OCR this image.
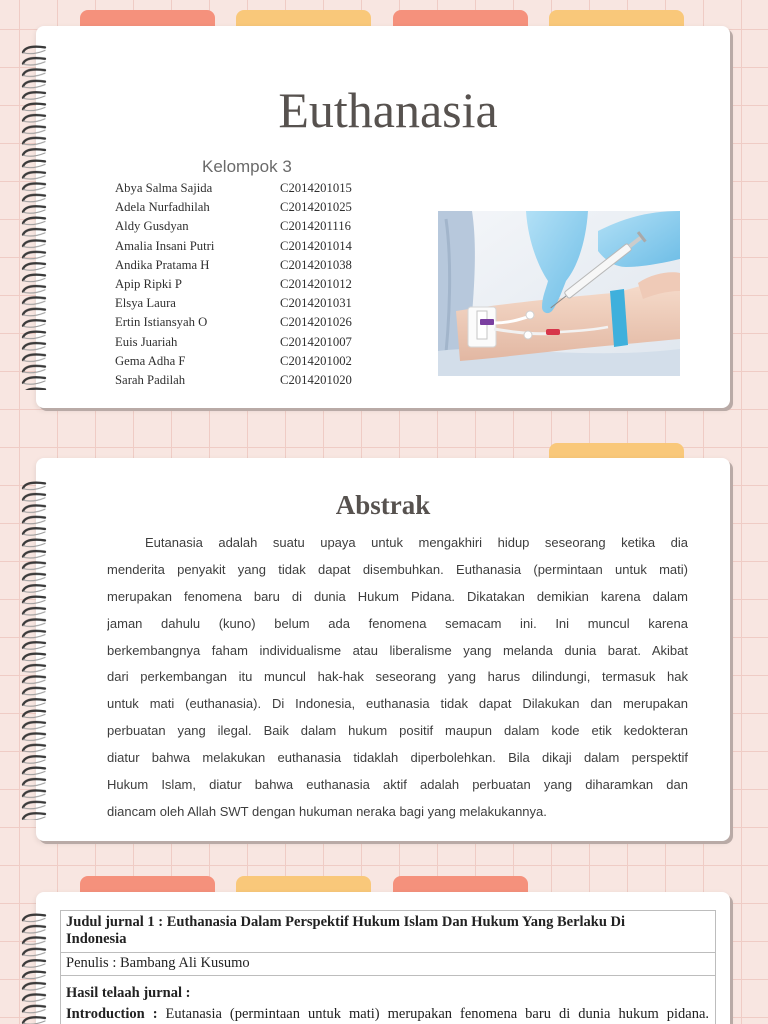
Euthanasia
Kelompok 3
Abya Salma Sajida	C2014201015
Adela Nurfadhilah	C2014201025
Aldy Gusdyan	C2014201116
Amalia Insani Putri	C2014201014
Andika Pratama H	C2014201038
Apip Ripki P	C2014201012
Elsya Laura	C2014201031
Ertin Istiansyah O	C2014201026
Euis Juariah	C2014201007
Gema Adha F	C2014201002
Sarah Padilah	C2014201020
Abstrak
Eutanasia adalah suatu upaya untuk mengakhiri hidup seseorang ketika dia
menderita penyakit yang tidak dapat disembuhkan. Euthanasia (permintaan untuk mati)
merupakan fenomena baru di dunia Hukum Pidana. Dikatakan demikian karena dalam
jaman dahulu (kuno) belum ada fenomena semacam ini. Ini muncul karena
berkembangnya faham individualisme atau liberalisme yang melanda dunia barat. Akibat
dari perkembangan itu muncul hak-hak seseorang yang harus dilindungi, termasuk hak
untuk mati (euthanasia). Di Indonesia, euthanasia tidak dapat Dilakukan dan merupakan
perbuatan yang ilegal. Baik dalam hukum positif maupun dalam kode etik kedokteran
diatur bahwa melakukan euthanasia tidaklah diperbolehkan. Bila dikaji dalam perspektif
Hukum Islam, diatur bahwa euthanasia aktif adalah perbuatan yang diharamkan dan
diancam oleh Allah SWT dengan hukuman neraka bagi yang melakukannya.
Judul jurnal 1 : Euthanasia Dalam Perspektif Hukum Islam Dan Hukum Yang Berlaku Di Indonesia
Penulis : Bambang Ali Kusumo
Hasil telaah jurnal :
Introduction : Eutanasia (permintaan untuk mati) merupakan fenomena baru di dunia hukum pidana.
